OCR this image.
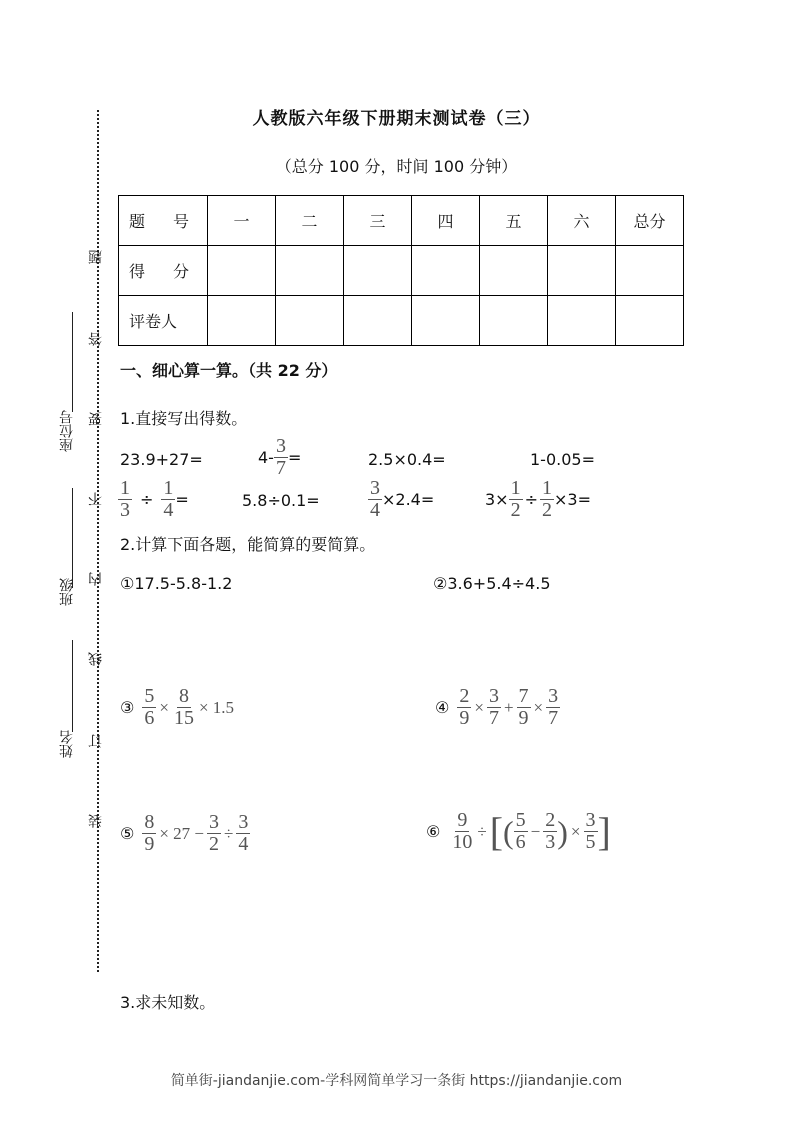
题
答
要
不
内
线
订
装
座位号
班级
姓名
人教版六年级下册期末测试卷（三）
（总分 100 分，时间 100 分钟）
题　号	一	二	三	四	五	六	总分
得　分							
评卷人							
一、细心算一算。（共 22 分）
1.直接写出得数。
23.9+27=	$4- \frac{3}{7}$ =	2.5×0.4=	1-0.05=
$\frac{1}{3} \div \frac{1}{4}$ =	$5.8\div 0.1= \frac{3}{4} \times 2.4=$	$3\times \frac{1}{2} \div \frac{1}{2} \times 3=$
2.计算下面各题，能简算的要简算。
①17.5-5.8-1.2	②3.6+5.4÷4.5
③ $\frac{5}{6} \times \frac{8}{15} \times 1.5$	④ $\frac{2}{9} \times \frac{3}{7} + \frac{7}{9} \times \frac{3}{7}$
⑤ $\frac{8}{9} \times 27 - \frac{3}{2} \div \frac{3}{4}$	⑥ $\frac{9}{10}$ ÷ [ ( $\frac{5}{6} - \frac{2}{3}$ ) × $\frac{3}{5}$ ]
3.求未知数。
简单街-jiandanjie.com-学科网简单学习一条街 https://jiandanjie.com
